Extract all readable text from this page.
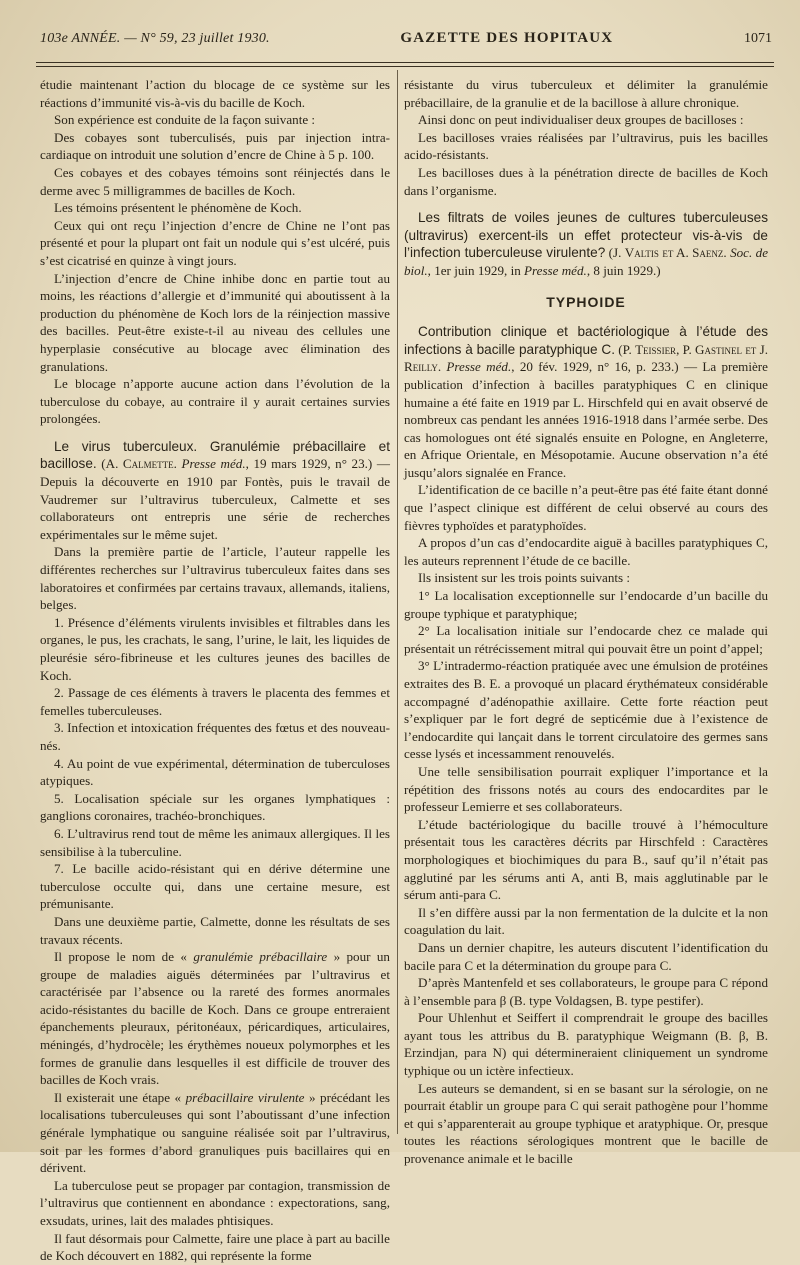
103e ANNÉE. — N° 59, 23 juillet 1930.	GAZETTE DES HOPITAUX	1071

étudie maintenant l’action du blocage de ce système sur les réactions d’immunité vis-à-vis du bacille de Koch.

Son expérience est conduite de la façon suivante :

Des cobayes sont tuberculisés, puis par injection intra-cardiaque on introduit une solution d’encre de Chine à 5 p. 100.

Ces cobayes et des cobayes témoins sont réinjectés dans le derme avec 5 milligrammes de bacilles de Koch.

Les témoins présentent le phénomène de Koch.

Ceux qui ont reçu l’injection d’encre de Chine ne l’ont pas présenté et pour la plupart ont fait un nodule qui s’est ulcéré, puis s’est cicatrisé en quinze à vingt jours.

L’injection d’encre de Chine inhibe donc en partie tout au moins, les réactions d’allergie et d’immunité qui aboutissent à la production du phénomène de Koch lors de la réinjection massive des bacilles. Peut-être existe-t-il au niveau des cellules une hyperplasie consécutive au blocage avec élimination des granulations.

Le blocage n’apporte aucune action dans l’évolution de la tuberculose du cobaye, au contraire il y aurait certaines survies prolongées.

Le virus tuberculeux. Granulémie prébacillaire et bacillose. (A. Calmette. Presse méd., 19 mars 1929, n° 23.) — Depuis la découverte en 1910 par Fontès, puis le travail de Vaudremer sur l’ultravirus tuberculeux, Calmette et ses collaborateurs ont entrepris une série de recherches expérimentales sur le même sujet.

Dans la première partie de l’article, l’auteur rappelle les différentes recherches sur l’ultravirus tuberculeux faites dans ses laboratoires et confirmées par certains travaux, allemands, italiens, belges.

1. Présence d’éléments virulents invisibles et filtrables dans les organes, le pus, les crachats, le sang, l’urine, le lait, les liquides de pleurésie séro-fibrineuse et les cultures jeunes des bacilles de Koch.

2. Passage de ces éléments à travers le placenta des femmes et femelles tuberculeuses.

3. Infection et intoxication fréquentes des fœtus et des nouveau-nés.

4. Au point de vue expérimental, détermination de tuberculoses atypiques.

5. Localisation spéciale sur les organes lymphatiques : ganglions coronaires, trachéo-bronchiques.

6. L’ultravirus rend tout de même les animaux allergiques. Il les sensibilise à la tuberculine.

7. Le bacille acido-résistant qui en dérive détermine une tuberculose occulte qui, dans une certaine mesure, est prémunisante.

Dans une deuxième partie, Calmette, donne les résultats de ses travaux récents.

Il propose le nom de « granulémie prébacillaire » pour un groupe de maladies aiguës déterminées par l’ultravirus et caractérisée par l’absence ou la rareté des formes anormales acido-résistantes du bacille de Koch. Dans ce groupe entreraient épanchements pleuraux, péritonéaux, péricardiques, articulaires, méningés, d’hydrocèle; les érythèmes noueux polymorphes et les formes de granulie dans lesquelles il est difficile de trouver des bacilles de Koch vrais.

Il existerait une étape « prébacillaire virulente » précédant les localisations tuberculeuses qui sont l’aboutissant d’une infection générale lymphatique ou sanguine réalisée soit par l’ultravirus, soit par les formes d’abord granuliques puis bacillaires qui en dérivent.

La tuberculose peut se propager par contagion, transmission de l’ultravirus que contiennent en abondance : expectorations, sang, exsudats, urines, lait des malades phtisiques.

Il faut désormais pour Calmette, faire une place à part au bacille de Koch découvert en 1882, qui représente la forme

résistante du virus tuberculeux et délimiter la granulémie prébacillaire, de la granulie et de la bacillose à allure chronique.

Ainsi donc on peut individualiser deux groupes de bacilloses :

Les bacilloses vraies réalisées par l’ultravirus, puis les bacilles acido-résistants.

Les bacilloses dues à la pénétration directe de bacilles de Koch dans l’organisme.

Les filtrats de voiles jeunes de cultures tuberculeuses (ultravirus) exercent-ils un effet protecteur vis-à-vis de l’infection tuberculeuse virulente? (J. Valtis et A. Saenz. Soc. de biol., 1er juin 1929, in Presse méd., 8 juin 1929.)

TYPHOIDE

Contribution clinique et bactériologique à l’étude des infections à bacille paratyphique C. (P. Teissier, P. Gastinel et J. Reilly. Presse méd., 20 fév. 1929, n° 16, p. 233.) — La première publication d’infection à bacilles paratyphiques C en clinique humaine a été faite en 1919 par L. Hirschfeld qui en avait observé de nombreux cas pendant les années 1916-1918 dans l’armée serbe. Des cas homologues ont été signalés ensuite en Pologne, en Angleterre, en Afrique Orientale, en Mésopotamie. Aucune observation n’a été jusqu’alors signalée en France.

L’identification de ce bacille n’a peut-être pas été faite étant donné que l’aspect clinique est différent de celui observé au cours des fièvres typhoïdes et paratyphoïdes.

A propos d’un cas d’endocardite aiguë à bacilles paratyphiques C, les auteurs reprennent l’étude de ce bacille.

Ils insistent sur les trois points suivants :

1° La localisation exceptionnelle sur l’endocarde d’un bacille du groupe typhique et paratyphique;

2° La localisation initiale sur l’endocarde chez ce malade qui présentait un rétrécissement mitral qui pouvait être un point d’appel;

3° L’intradermo-réaction pratiquée avec une émulsion de protéines extraites des B. E. a provoqué un placard érythémateux considérable accompagné d’adénopathie axillaire. Cette forte réaction peut s’expliquer par le fort degré de septicémie due à l’existence de l’endocardite qui lançait dans le torrent circulatoire des germes sans cesse lysés et incessamment renouvelés.

Une telle sensibilisation pourrait expliquer l’importance et la répétition des frissons notés au cours des endocardites par le professeur Lemierre et ses collaborateurs.

L’étude bactériologique du bacille trouvé à l’hémoculture présentait tous les caractères décrits par Hirschfeld : Caractères morphologiques et biochimiques du para B., sauf qu’il n’était pas agglutiné par les sérums anti A, anti B, mais agglutinable par le sérum anti-para C.

Il s’en diffère aussi par la non fermentation de la dulcite et la non coagulation du lait.

Dans un dernier chapitre, les auteurs discutent l’identification du bacile para C et la détermination du groupe para C.

D’après Mantenfeld et ses collaborateurs, le groupe para C répond à l’ensemble para β (B. type Voldagsen, B. type pestifer).

Pour Uhlenhut et Seiffert il comprendrait le groupe des bacilles ayant tous les attribus du B. paratyphique Weigmann (B. β, B. Erzindjan, para N) qui détermineraient cliniquement un syndrome typhique ou un ictère infectieux.

Les auteurs se demandent, si en se basant sur la sérologie, on ne pourrait établir un groupe para C qui serait pathogène pour l’homme et qui s’apparenterait au groupe typhique et aratyphique. Or, presque toutes les réactions sérologiques montrent que le bacille de provenance animale et le bacille
